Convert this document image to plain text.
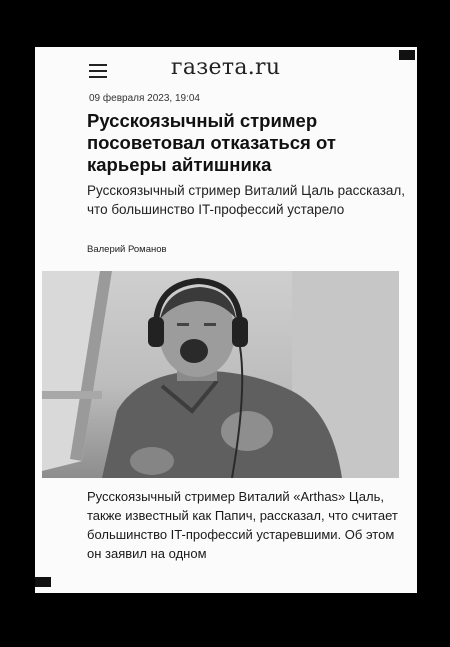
газета.ru
09 февраля 2023, 19:04
Русскоязычный стример посоветовал отказаться от карьеры айтишника

Русскоязычный стример Виталий Цаль рассказал, что большинство IT-профессий устарело

Валерий Романов

Русскоязычный стример Виталий «Arthas» Цаль, также известный как Папич, рассказал, что считает большинство IT-профессий устаревшими. Об этом он заявил на одном
